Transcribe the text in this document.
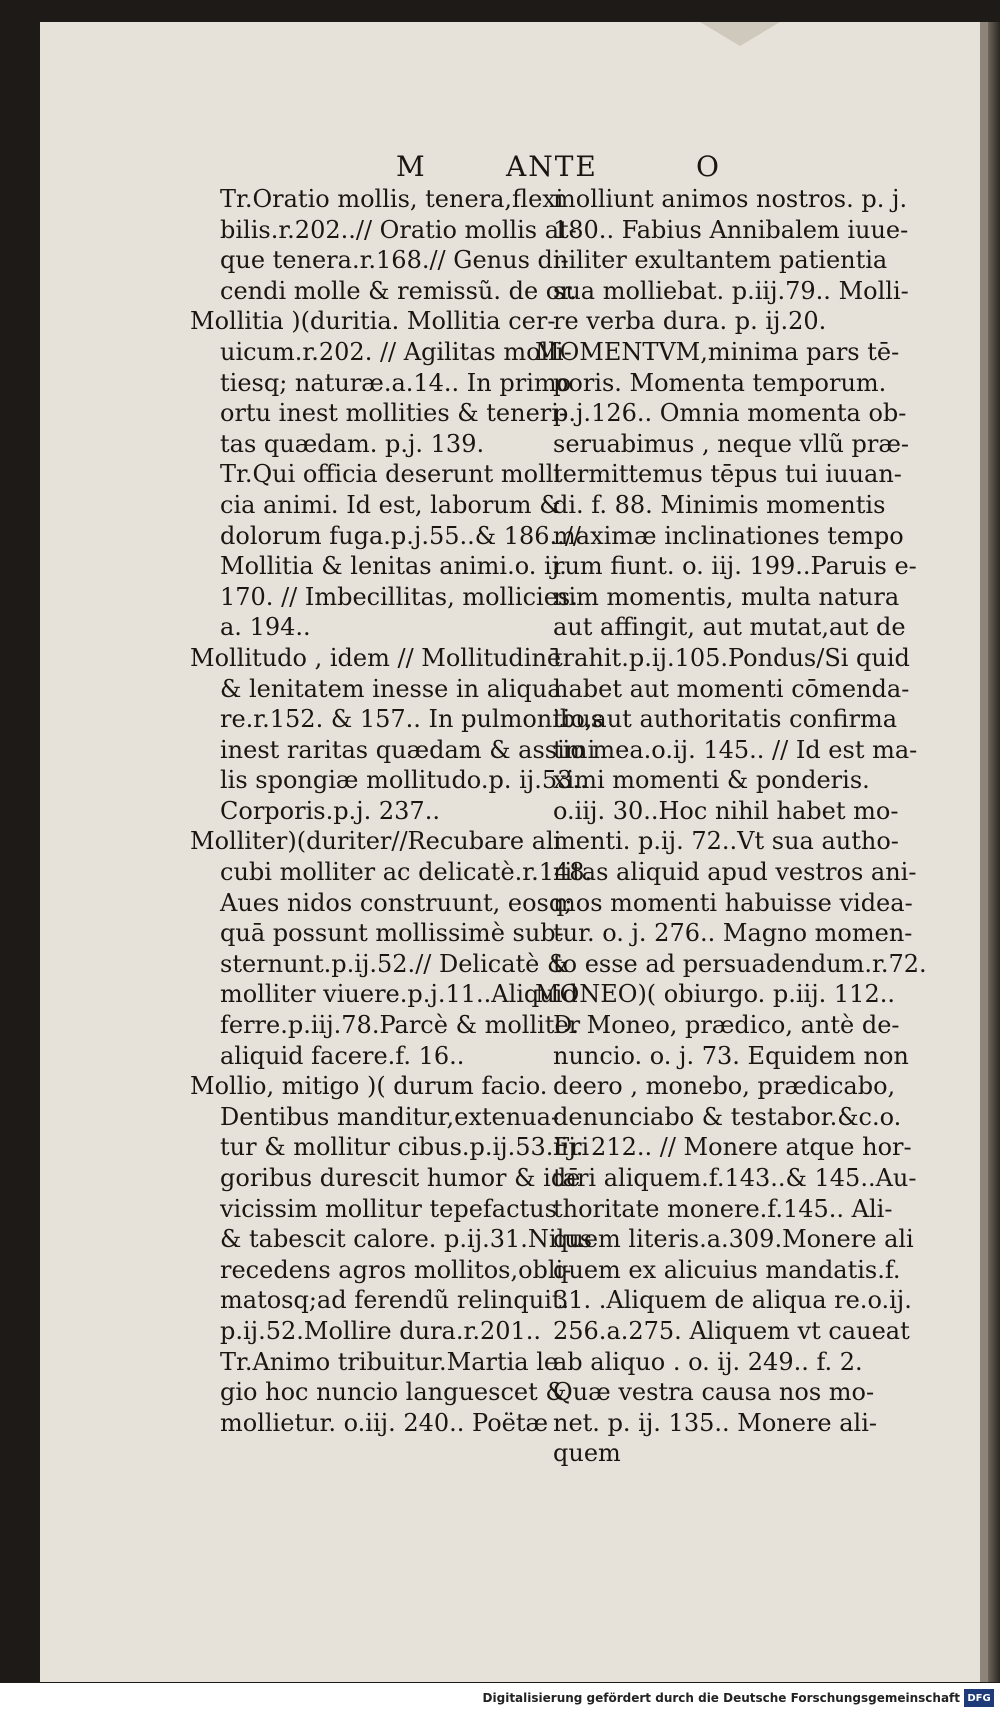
M	ANTE	O
Tr.Oratio mollis, tenera,flexi
bilis.r.202..// Oratio mollis at-
que tenera.r.168.// Genus di-
cendi molle & remissũ. de or.
Mollitia )(duritia. Mollitia cer-
uicum.r.202. // Agilitas molli-
tiesq; naturæ.a.14.. In primo
ortu inest mollities & teneri-
tas quædam. p.j. 139.
Tr.Qui officia deserunt molli
cia animi. Id est, laborum &
dolorum fuga.p.j.55..& 186..//
Mollitia & lenitas animi.o. ij.
170. // Imbecillitas, mollicies.
a. 194..
Mollitudo , idem // Mollitudinē
& lenitatem inesse in aliqua
re.r.152. & 157.. In pulmonibus
inest raritas quædam & assimi
lis spongiæ mollitudo.p. ij.53..
Corporis.p.j. 237..
Molliter)(duriter//Recubare ali
cubi molliter ac delicatè.r.148.
Aues nidos construunt, eosq;
quā possunt mollissimè sub-
sternunt.p.ij.52.// Delicatè &
molliter viuere.p.j.11..Aliquid
ferre.p.iij.78.Parcè & molliter
aliquid facere.f. 16..
Mollio, mitigo )( durum facio.
Dentibus manditur,extenua-
tur & mollitur cibus.p.ij.53.Fri
goribus durescit humor & idē
vicissim mollitur tepefactus
& tabescit calore. p.ij.31.Nilus
recedens agros mollitos,obli-
matosq;ad ferendũ relinquit.
p.ij.52.Mollire dura.r.201..
Tr.Animo tribuitur.Martia le
gio hoc nuncio languescet &
mollietur. o.iij. 240.. Poëtæ
molliunt animos nostros. p. j.
180.. Fabius Annibalem iuue-
niliter exultantem patientia
sua molliebat. p.iij.79.. Molli-
re verba dura. p. ij.20.
MOMENTVM,minima pars tē-
poris. Momenta temporum.
p.j.126.. Omnia momenta ob-
seruabimus , neque vllũ præ-
termittemus tēpus tui iuuan-
di. f. 88. Minimis momentis
maximæ inclinationes tempo
rum fiunt. o. iij. 199..Paruis e-
nim momentis, multa natura
aut affingit, aut mutat,aut de
trahit.p.ij.105.Pondus/Si quid
habet aut momenti cōmenda-
tio,aut authoritatis confirma
tio mea.o.ij. 145.. // Id est ma-
ximi momenti & ponderis.
o.iij. 30..Hoc nihil habet mo-
menti. p.ij. 72..Vt sua autho-
ritas aliquid apud vestros ani-
mos momenti habuisse videa-
tur. o. j. 276.. Magno momen-
to esse ad persuadendum.r.72.
MONEO)( obiurgo. p.iij. 112..
D. Moneo, prædico, antè de-
nuncio. o. j. 73. Equidem non
deero , monebo, prædicabo,
denunciabo & testabor.&c.o.
iij. 212.. // Monere atque hor-
tari aliquem.f.143..& 145..Au-
thoritate monere.f.145.. Ali-
quem literis.a.309.Monere ali
quem ex alicuius mandatis.f.
31. .Aliquem de aliqua re.o.ij.
256.a.275. Aliquem vt caueat
ab aliquo . o. ij. 249.. f. 2.
Quæ vestra causa nos mo-
net. p. ij. 135.. Monere ali-
quem
Digitalisierung gefördert durch die Deutsche Forschungsgemeinschaft DFG
